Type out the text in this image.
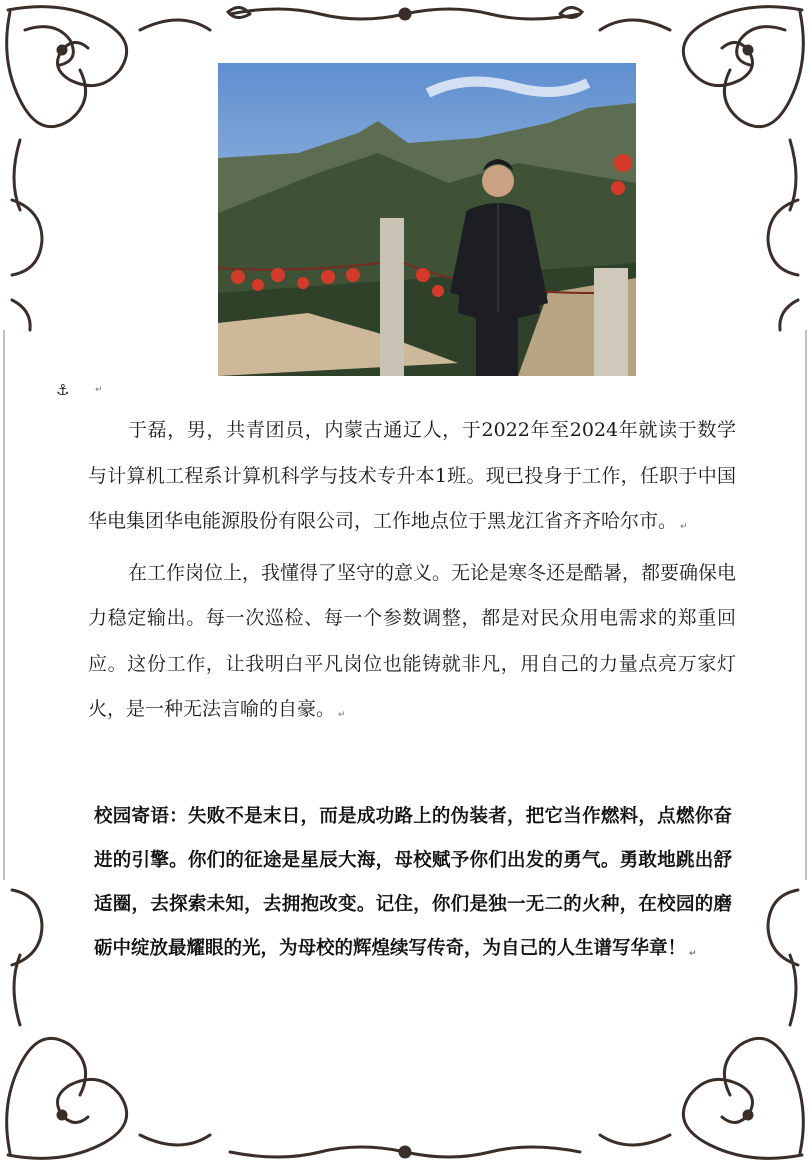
⚓	↵

于磊，男，共青团员，内蒙古通辽人，于2022年至2024年就读于数学与计算机工程系计算机科学与技术专升本1班。现已投身于工作，任职于中国华电集团华电能源股份有限公司，工作地点位于黑龙江省齐齐哈尔市。 ↵

在工作岗位上，我懂得了坚守的意义。无论是寒冬还是酷暑，都要确保电力稳定输出。每一次巡检、每一个参数调整，都是对民众用电需求的郑重回应。这份工作，让我明白平凡岗位也能铸就非凡，用自己的力量点亮万家灯火，是一种无法言喻的自豪。 ↵

校园寄语：失败不是末日，而是成功路上的伪装者，把它当作燃料，点燃你奋进的引擎。你们的征途是星辰大海，母校赋予你们出发的勇气。勇敢地跳出舒适圈，去探索未知，去拥抱改变。记住，你们是独一无二的火种，在校园的磨砺中绽放最耀眼的光，为母校的辉煌续写传奇，为自己的人生谱写华章！ ↵
